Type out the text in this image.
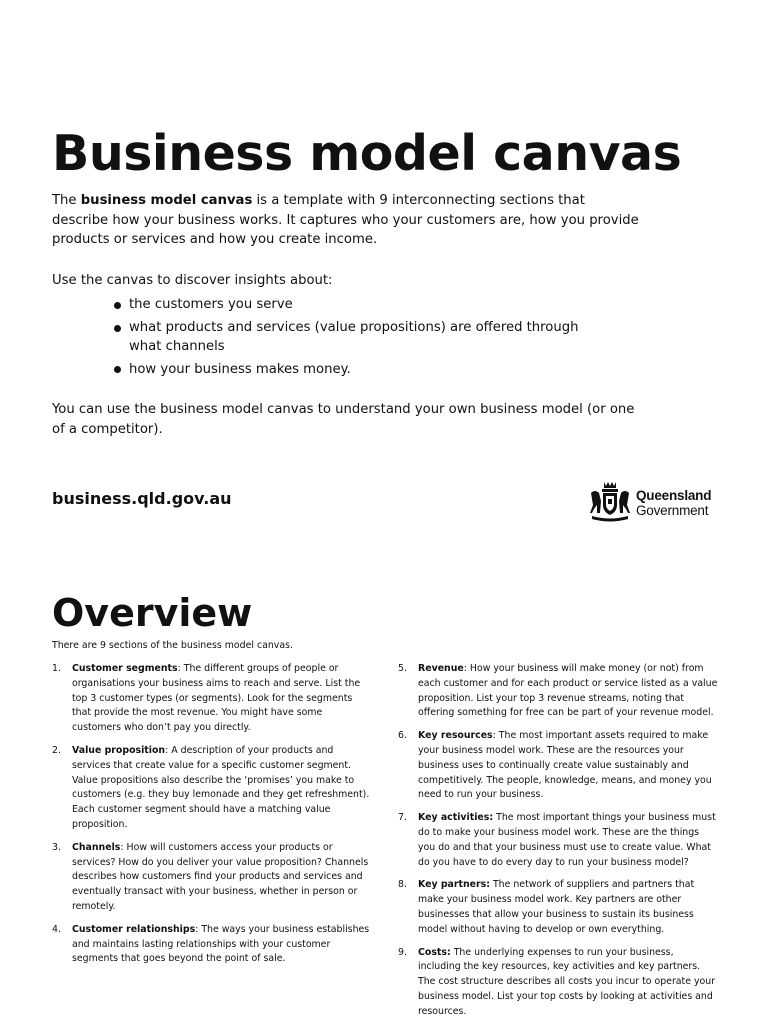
Business model canvas

The business model canvas is a template with 9 interconnecting sections that describe how your business works. It captures who your customers are, how you provide products or services and how you create income.

Use the canvas to discover insights about:

the customers you serve
what products and services (value propositions) are offered through what channels
how your business makes money.

You can use the business model canvas to understand your own business model (or one of a competitor).

business.qld.gov.au	Queensland
Government
Overview

There are 9 sections of the business model canvas.

1. Customer segments: The different groups of people or organisations your business aims to reach and serve. List the top 3 customer types (or segments). Look for the segments that provide the most revenue. You might have some customers who don’t pay you directly.
2. Value proposition: A description of your products and services that create value for a specific customer segment. Value propositions also describe the ‘promises’ you make to customers (e.g. they buy lemonade and they get refreshment). Each customer segment should have a matching value proposition.
3. Channels: How will customers access your products or services? How do you deliver your value proposition? Channels describes how customers find your products and services and eventually transact with your business, whether in person or remotely.
4. Customer relationships: The ways your business establishes and maintains lasting relationships with your customer segments that goes beyond the point of sale.
5. Revenue: How your business will make money (or not) from each customer and for each product or service listed as a value proposition. List your top 3 revenue streams, noting that offering something for free can be part of your revenue model.
6. Key resources: The most important assets required to make your business model work. These are the resources your business uses to continually create value sustainably and competitively. The people, knowledge, means, and money you need to run your business.
7. Key activities: The most important things your business must do to make your business model work. These are the things you do and that your business must use to create value. What do you have to do every day to run your business model?
8. Key partners: The network of suppliers and partners that make your business model work. Key partners are other businesses that allow your business to sustain its business model without having to develop or own everything.
9. Costs: The underlying expenses to run your business, including the key resources, key activities and key partners. The cost structure describes all costs you incur to operate your business model. List your top costs by looking at activities and resources.
